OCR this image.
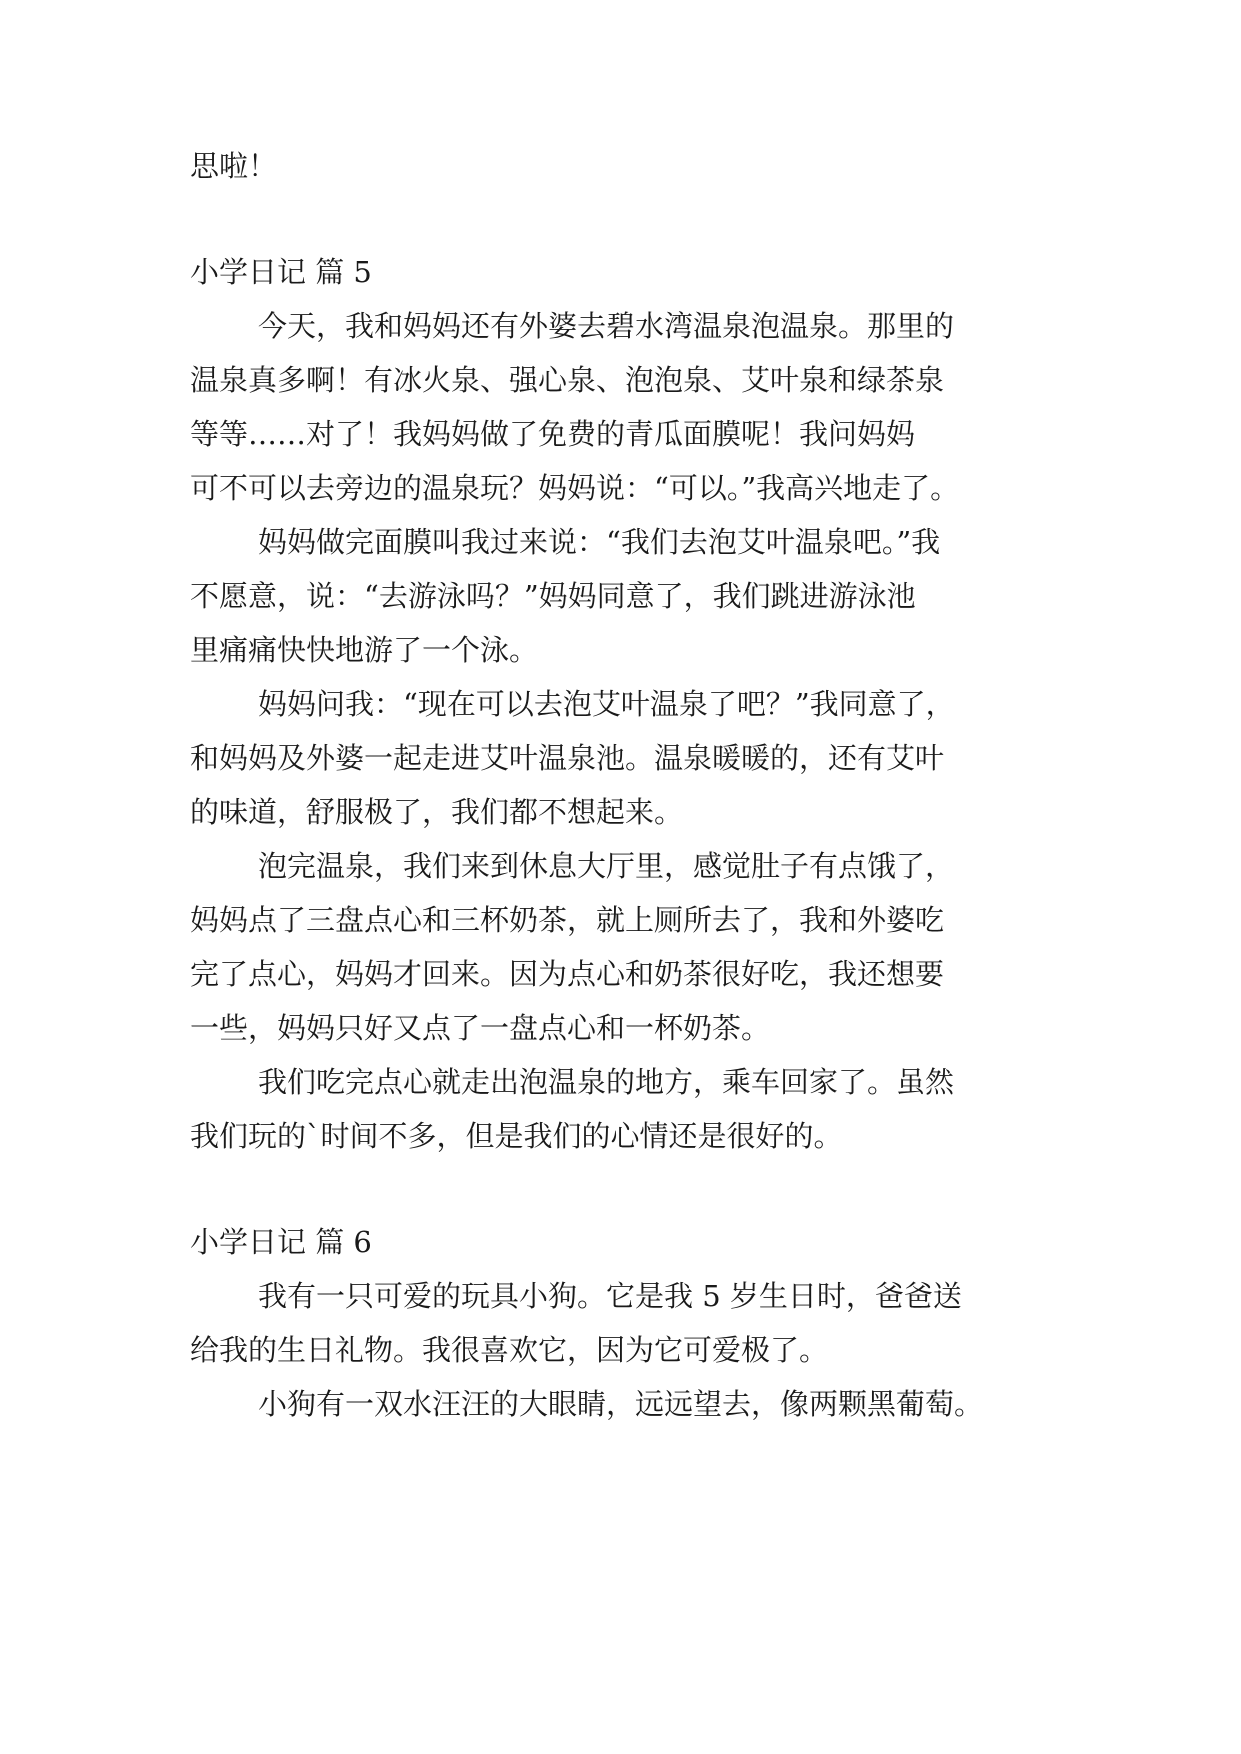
思啦！
小学日记 篇 5
今天，我和妈妈还有外婆去碧水湾温泉泡温泉。那里的
温泉真多啊！有冰火泉、强心泉、泡泡泉、艾叶泉和绿茶泉
等等……对了！我妈妈做了免费的青瓜面膜呢！我问妈妈
可不可以去旁边的温泉玩？妈妈说：“可以。”我高兴地走了。
妈妈做完面膜叫我过来说：“我们去泡艾叶温泉吧。”我
不愿意，说：“去游泳吗？”妈妈同意了，我们跳进游泳池
里痛痛快快地游了一个泳。
妈妈问我：“现在可以去泡艾叶温泉了吧？”我同意了，
和妈妈及外婆一起走进艾叶温泉池。温泉暖暖的，还有艾叶
的味道，舒服极了，我们都不想起来。
泡完温泉，我们来到休息大厅里，感觉肚子有点饿了，
妈妈点了三盘点心和三杯奶茶，就上厕所去了，我和外婆吃
完了点心，妈妈才回来。因为点心和奶茶很好吃，我还想要
一些，妈妈只好又点了一盘点心和一杯奶茶。
我们吃完点心就走出泡温泉的地方，乘车回家了。虽然
我们玩的`时间不多，但是我们的心情还是很好的。
小学日记 篇 6
我有一只可爱的玩具小狗。它是我 5 岁生日时，爸爸送
给我的生日礼物。我很喜欢它，因为它可爱极了。
小狗有一双水汪汪的大眼睛，远远望去，像两颗黑葡萄。
